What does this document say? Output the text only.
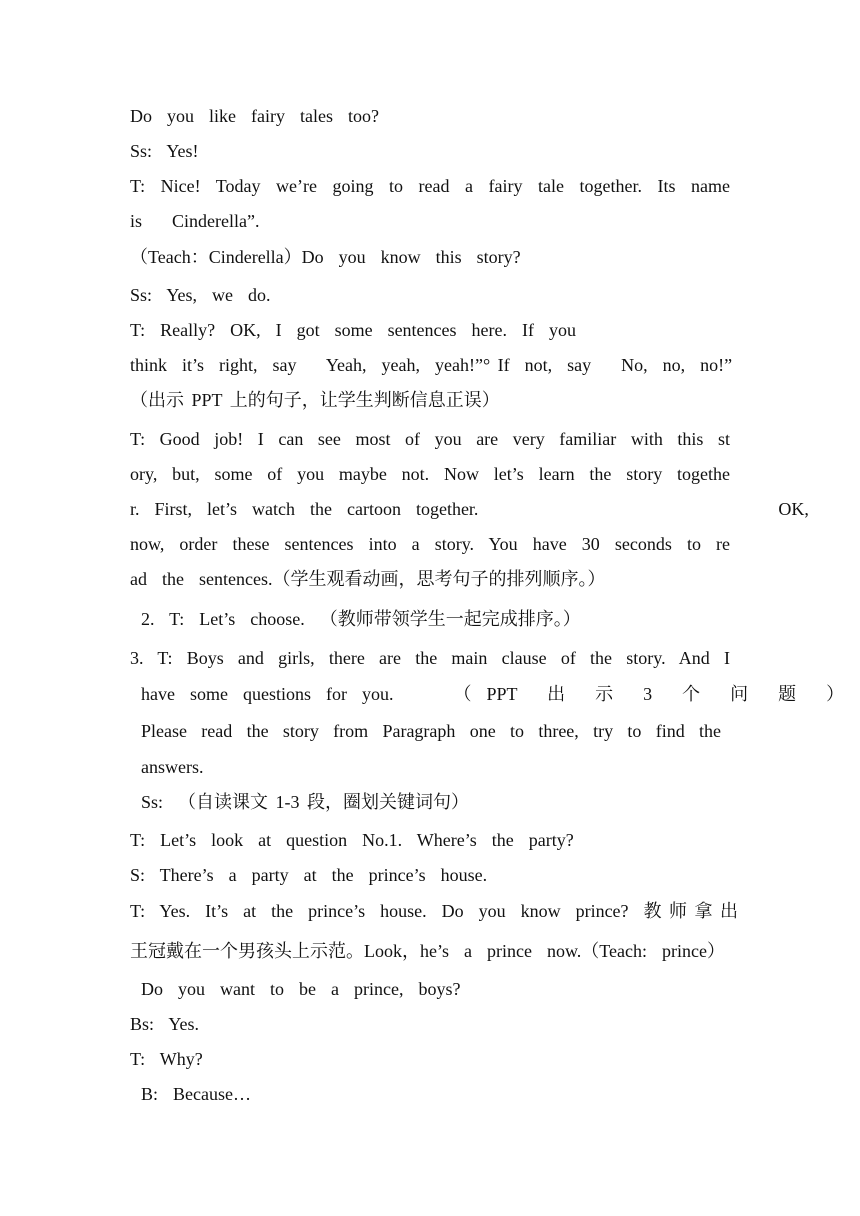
Do  you  like  fairy  tales  too?
Ss:  Yes!
T: Nice! Today we’re going to read a fairy tale together. Its name
is    Cinderella”.
（Teach：Cinderella）Do  you  know  this  story?
Ss:  Yes,  we  do.
T:  Really?  OK,  I  got  some  sentences  here.  If  you
think  it’s  right,  say    Yeah,  yeah,  yeah!”° If  not,  say    No,  no,  no!”
（出示 PPT 上的句子，让学生判断信息正误）
T: Good job! I can see most of you are very familiar with this st
ory, but, some of you maybe not. Now let’s learn the story togethe
r.  First,  let’s  watch  the  cartoon  together.                                        OK,
now, order these sentences into a story. You have 30 seconds to re
ad  the  sentences.（学生观看动画，思考句子的排列顺序。）
2.  T:  Let’s  choose.  （教师带领学生一起完成排序。）
3. T: Boys and girls, there are the main clause of the story. And I
have  some  questions  for  you.        （  PPT    出    示    3    个    问    题    ）
Please read the story from Paragraph one to three, try to find the
answers.
Ss:  （自读课文 1-3 段，圈划关键词句）
T:  Let’s  look  at  question  No.1.  Where’s  the  party?
S:  There’s  a  party  at  the  prince’s  house.
T:  Yes.  It’s  at  the  prince’s  house.  Do  you  know  prince?  教 师 拿 出
王冠戴在一个男孩头上示范。Look，he’s  a  prince  now.（Teach:  prince）
Do  you  want  to  be  a  prince,  boys?
Bs:  Yes.
T:  Why?
B:  Because…
